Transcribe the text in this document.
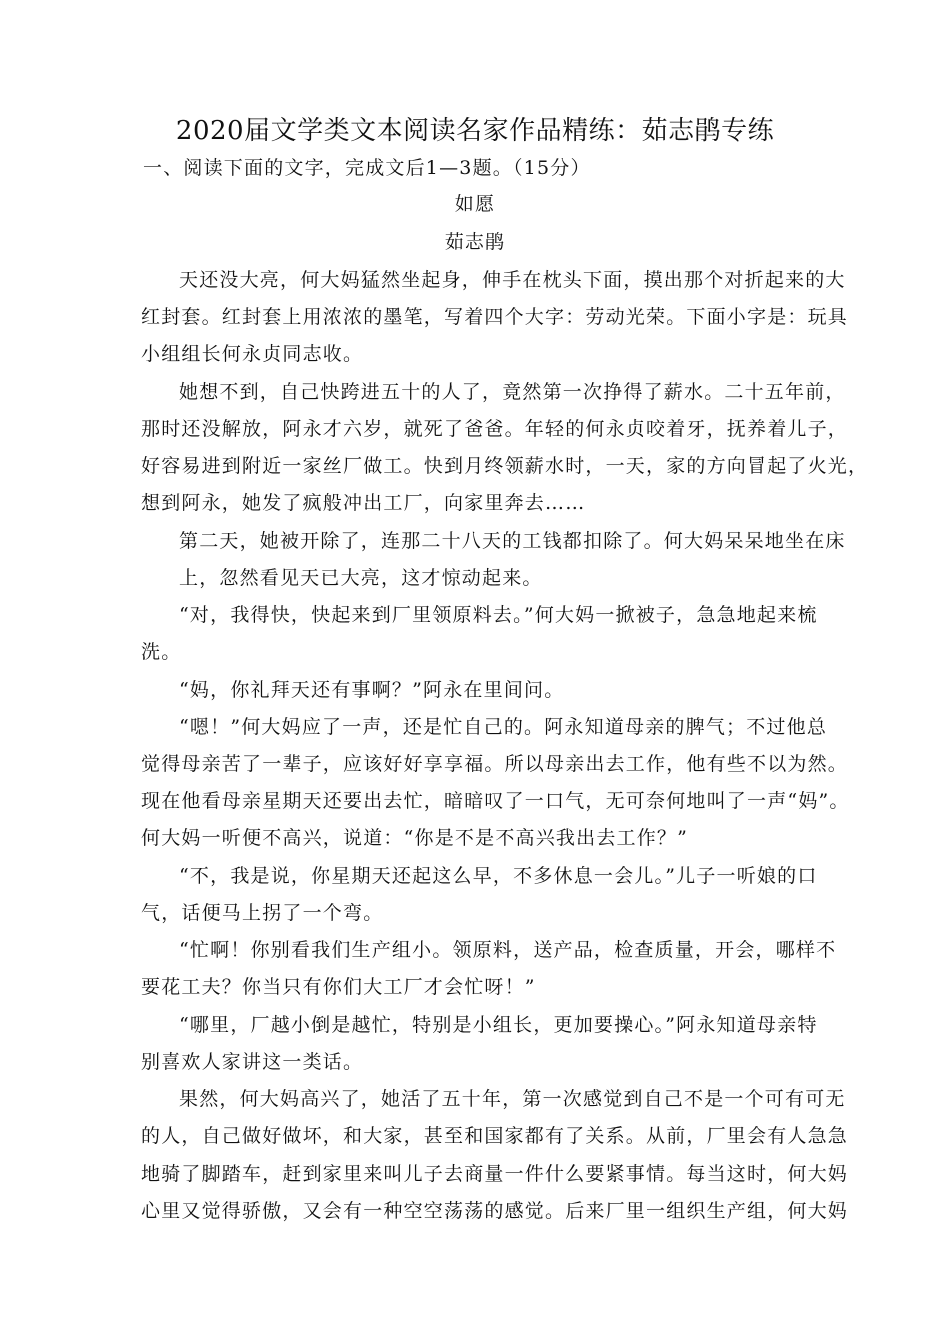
2020届文学类文本阅读名家作品精练：茹志鹃专练
一、阅读下面的文字，完成文后1—3题。（15分）
如愿
茹志鹃
天还没大亮，何大妈猛然坐起身，伸手在枕头下面，摸出那个对折起来的大
红封套。红封套上用浓浓的墨笔，写着四个大字：劳动光荣。下面小字是：玩具
小组组长何永贞同志收。
她想不到，自己快跨进五十的人了，竟然第一次挣得了薪水。二十五年前，
那时还没解放，阿永才六岁，就死了爸爸。年轻的何永贞咬着牙，抚养着儿子，
好容易进到附近一家丝厂做工。快到月终领薪水时，一天，家的方向冒起了火光，
想到阿永，她发了疯般冲出工厂，向家里奔去……
第二天，她被开除了，连那二十八天的工钱都扣除了。何大妈呆呆地坐在床
上，忽然看见天已大亮，这才惊动起来。
“对，我得快，快起来到厂里领原料去。”何大妈一掀被子，急急地起来梳
洗。
“妈，你礼拜天还有事啊？”阿永在里间问。
“嗯！”何大妈应了一声，还是忙自己的。阿永知道母亲的脾气；不过他总
觉得母亲苦了一辈子，应该好好享享福。所以母亲出去工作，他有些不以为然。
现在他看母亲星期天还要出去忙，暗暗叹了一口气，无可奈何地叫了一声“妈”。
何大妈一听便不高兴，说道：“你是不是不高兴我出去工作？”
“不，我是说，你星期天还起这么早，不多休息一会儿。”儿子一听娘的口
气，话便马上拐了一个弯。
“忙啊！你别看我们生产组小。领原料，送产品，检查质量，开会，哪样不
要花工夫？你当只有你们大工厂才会忙呀！”
“哪里，厂越小倒是越忙，特别是小组长，更加要操心。”阿永知道母亲特
别喜欢人家讲这一类话。
果然，何大妈高兴了，她活了五十年，第一次感觉到自己不是一个可有可无
的人，自己做好做坏，和大家，甚至和国家都有了关系。从前，厂里会有人急急
地骑了脚踏车，赶到家里来叫儿子去商量一件什么要紧事情。每当这时，何大妈
心里又觉得骄傲，又会有一种空空荡荡的感觉。后来厂里一组织生产组，何大妈
